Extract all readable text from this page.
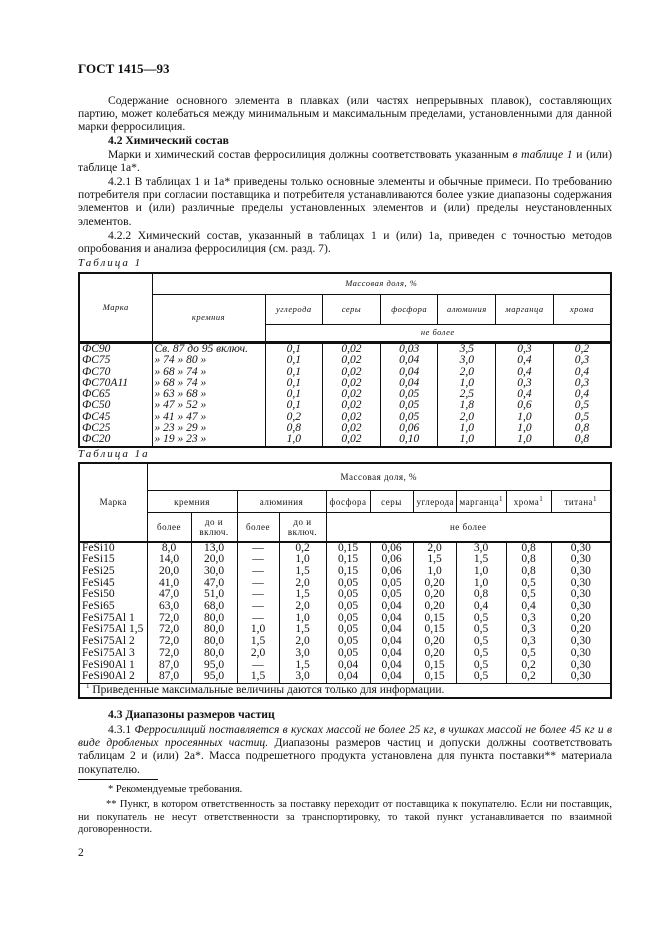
ГОСТ 1415—93
Содержание основного элемента в плавках (или частях непрерывных плавок), составляющих партию, может колебаться между минимальным и максимальным пределами, установленными для данной марки ферросилиция.
4.2 Химический состав
Марки и химический состав ферросилиция должны соответствовать указанным в таблице 1 и (или) таблице 1а*.
4.2.1 В таблицах 1 и 1а* приведены только основные элементы и обычные примеси. По требованию потребителя при согласии поставщика и потребителя устанавливаются более узкие диапазоны содержания элементов и (или) различные пределы установленных элементов и (или) пределы неустановленных элементов.
4.2.2 Химический состав, указанный в таблицах 1 и (или) 1а, приведен с точностью методов опробования и анализа ферросилиция (см. разд. 7).
Таблица 1
Марка	Массовая доля, %						
	кремния	углерода	серы	фосфора	алюминия	марганца	хрома
		не более					
ФС90	Св. 87 до 95 включ.	0,1	0,02	0,03	3,5	0,3	0,2
ФС75	» 74 » 80 »	0,1	0,02	0,04	3,0	0,4	0,3
ФС70	» 68 » 74 »	0,1	0,02	0,04	2,0	0,4	0,4
ФС70А11	» 68 » 74 »	0,1	0,02	0,04	1,0	0,3	0,3
ФС65	» 63 » 68 »	0,1	0,02	0,05	2,5	0,4	0,4
ФС50	» 47 » 52 »	0,1	0,02	0,05	1,8	0,6	0,5
ФС45	» 41 » 47 »	0,2	0,02	0,05	2,0	1,0	0,5
ФС25	» 23 » 29 »	0,8	0,02	0,06	1,0	1,0	0,8
ФС20	» 19 » 23 »	1,0	0,02	0,10	1,0	1,0	0,8
Таблица 1а
Марка	Массовая доля, %									
	кремния		алюминия		фосфора	серы	углерода	марганца$^1$	хрома$^1$	титана$^1$
	более	до и включ.	более	до и включ.	не более					
FeSi10	8,0	13,0	—	0,2	0,15	0,06	2,0	3,0	0,8	0,30
FeSi15	14,0	20,0	—	1,0	0,15	0,06	1,5	1,5	0,8	0,30
FeSi25	20,0	30,0	—	1,5	0,15	0,06	1,0	1,0	0,8	0,30
FeSi45	41,0	47,0	—	2,0	0,05	0,05	0,20	1,0	0,5	0,30
FeSi50	47,0	51,0	—	1,5	0,05	0,05	0,20	0,8	0,5	0,30
FeSi65	63,0	68,0	—	2,0	0,05	0,04	0,20	0,4	0,4	0,30
FeSi75Al 1	72,0	80,0	—	1,0	0,05	0,04	0,15	0,5	0,3	0,20
FeSi75Al 1,5	72,0	80,0	1,0	1,5	0,05	0,04	0,15	0,5	0,3	0,20
FeSi75Al 2	72,0	80,0	1,5	2,0	0,05	0,04	0,20	0,5	0,3	0,30
FeSi75Al 3	72,0	80,0	2,0	3,0	0,05	0,04	0,20	0,5	0,5	0,30
FeSi90Al 1	87,0	95,0	—	1,5	0,04	0,04	0,15	0,5	0,2	0,30
FeSi90Al 2	87,0	95,0	1,5	3,0	0,04	0,04	0,15	0,5	0,2	0,30
$^1$ Приведенные максимальные величины даются только для информации.										
4.3 Диапазоны размеров частиц
4.3.1 Ферросилиций поставляется в кусках массой не более 25 кг, в чушках массой не более 45 кг и в виде дробленых просеянных частиц. Диапазоны размеров частиц и допуски должны соответствовать таблицам 2 и (или) 2а*. Масса подрешетного продукта установлена для пункта поставки** материала покупателю.
* Рекомендуемые требования.
** Пункт, в котором ответственность за поставку переходит от поставщика к покупателю. Если ни поставщик, ни покупатель не несут ответственности за транспортировку, то такой пункт устанавливается по взаимной договоренности.
2
